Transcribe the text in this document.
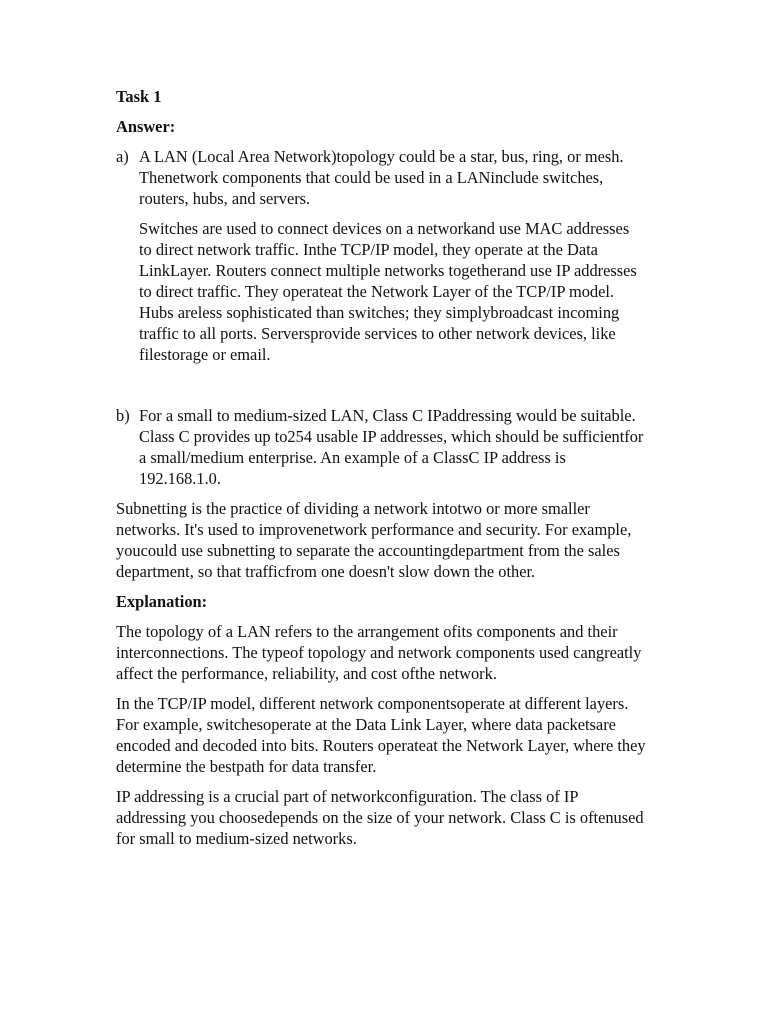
Task 1
Answer:
a) A LAN (Local Area Network)topology could be a star, bus, ring, or mesh. Thenetwork components that could be used in a LANinclude switches, routers, hubs, and servers.

Switches are used to connect devices on a networkand use MAC addresses to direct network traffic. Inthe TCP/IP model, they operate at the Data LinkLayer. Routers connect multiple networks togetherand use IP addresses to direct traffic. They operateat the Network Layer of the TCP/IP model. Hubs areless sophisticated than switches; they simplybroadcast incoming traffic to all ports. Serversprovide services to other network devices, like filestorage or email.

b) For a small to medium-sized LAN, Class C IPaddressing would be suitable. Class C provides up to254 usable IP addresses, which should be sufficientfor a small/medium enterprise. An example of a ClassC IP address is 192.168.1.0.

Subnetting is the practice of dividing a network intotwo or more smaller networks. It's used to improvenetwork performance and security. For example, youcould use subnetting to separate the accountingdepartment from the sales department, so that trafficfrom one doesn't slow down the other.

Explanation:

The topology of a LAN refers to the arrangement ofits components and their interconnections. The typeof topology and network components used cangreatly affect the performance, reliability, and cost ofthe network.

In the TCP/IP model, different network componentsoperate at different layers. For example, switchesoperate at the Data Link Layer, where data packetsare encoded and decoded into bits. Routers operateat the Network Layer, where they determine the bestpath for data transfer.

IP addressing is a crucial part of networkconfiguration. The class of IP addressing you choosedepends on the size of your network. Class C is oftenused for small to medium-sized networks.
